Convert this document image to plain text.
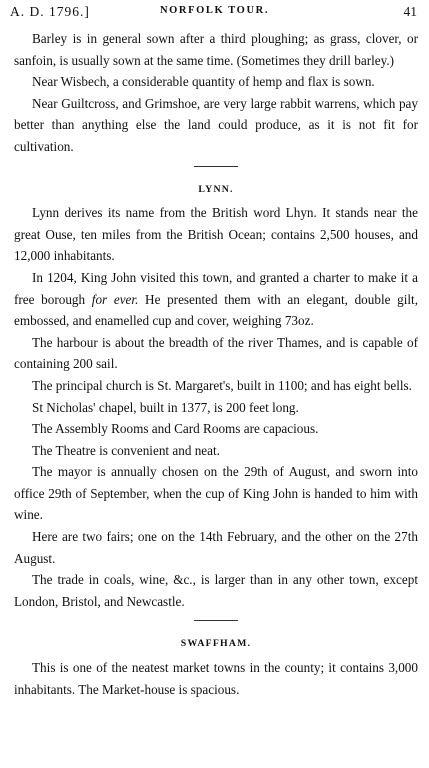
A. D. 1796.]	NORFOLK TOUR.	41

Barley is in general sown after a third ploughing; as grass, clover, or sanfoin, is usually sown at the same time. (Sometimes they drill barley.)

Near Wisbech, a considerable quantity of hemp and flax is sown.

Near Guiltcross, and Grimshoe, are very large rabbit warrens, which pay better than anything else the land could produce, as it is not fit for cultivation.

LYNN.

Lynn derives its name from the British word Lhyn. It stands near the great Ouse, ten miles from the British Ocean; contains 2,500 houses, and 12,000 inhabitants.

In 1204, King John visited this town, and granted a charter to make it a free borough for ever. He presented them with an elegant, double gilt, embossed, and enamelled cup and cover, weighing 73oz.

The harbour is about the breadth of the river Thames, and is capable of containing 200 sail.

The principal church is St. Margaret's, built in 1100; and has eight bells.

St Nicholas' chapel, built in 1377, is 200 feet long.

The Assembly Rooms and Card Rooms are capacious.

The Theatre is convenient and neat.

The mayor is annually chosen on the 29th of August, and sworn into office 29th of September, when the cup of King John is handed to him with wine.

Here are two fairs; one on the 14th February, and the other on the 27th August.

The trade in coals, wine, &c., is larger than in any other town, except London, Bristol, and Newcastle.

SWAFFHAM.

This is one of the neatest market towns in the county; it contains 3,000 inhabitants. The Market-house is spacious.
